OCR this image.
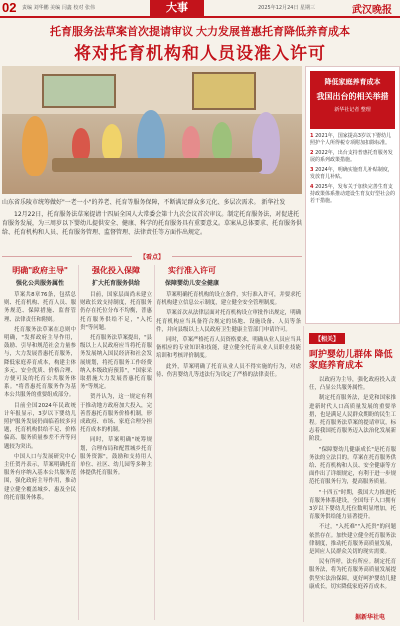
02 责编 刘华鹏 美编 闫鑫 校对 张伟	大事	2025年12月24日 星期三	武汉晚报
托育服务法草案首次提请审议 大力发展普惠托育降低养育成本
将对托育机构和人员设准入许可
山东省乐陵市统筹做好"一老一小"的养老、托育等服务保障，不断满足群众多元化、多层次需求。 新华社发
降低家庭养育成本
我国出台的相关举措
新华社记者 整理
1 2021年，国家提高3岁以下婴幼儿照护个人所得税专项附加扣除标准。
2 2022年，出台支持普惠托育服务发展的系列政策措施。
3 2024年，明确实施育儿补贴制度，发放育儿补贴。
4 2025年，发布关于加快完善生育支持政策体系推动建设生育友好型社会的若干措施。
12月22日，托育服务法草案提请十四届全国人大常委会第十九次会议首次审议。制定托育服务法，对促进托育服务发展，为三周岁以下婴幼儿提供安全、健康、科学的托育服务具有重要意义。草案从总体要求、托育服务供给、托育机构和人员、托育服务管理、监督管理、法律责任等方面作出规定。
【看点】
明确"政府主导"
强化公共服务属性
强化投入保障
扩大托育服务供给
实行准入许可
保障婴幼儿安全健康

草案共8章76条，包括总则、托育机构、托育人员、服务规范、保障措施、监督管理、法律责任和附则。

托育服务法草案在总则中明确，"发挥政府主导作用，鼓励、引导和规范社会力量参与，大力发展普惠托育服务，降低家庭养育成本，构建主体多元、安全优质、价格合理、方便可及的托育公共服务体系。"将普惠托育服务作为基本公共服务的重要组成部分。

目前全国2024年民政统计年报显示，3岁以下婴幼儿照护服务发展仍面临着较多问题，托育机构供给不足、价格偏高、服务质量参差不齐等问题较为突出。

中国人口与发展研究中心主任贺丹表示，草案明确托育服务有序纳入基本公共服务范围，强化政府主导作用，推动建立健全覆盖城乡、惠及全民的托育服务体系。

目前，国家层面尚未建立财政长效支持制度，托育服务仍存在托位分布不均衡，普惠托育服务供给不足，"入托贵"等问题。

托育服务法草案提出，"县级以上人民政府应当将托育服务发展纳入国民经济和社会发展规划，将托育服务工作经费纳入本级政府预算"，"国家采取措施大力发展普惠托育服务"等规定。

贺丹认为，这一规定有利于推动地方政府加大投入，完善普惠托育服务价格机制，形成政府、市场、家庭合理分担托育成本的机制。

同时，草案明确"统筹规划，合理布局和配置城乡托育服务资源"，鼓励和支持用人单位、社区、幼儿园等多种主体提供托育服务。

草案明确托育机构的设立条件，实行准入许可，并要求托育机构建立信息公示制度，建立健全安全管理制度。

草案首次从法律层面对托育机构设立审批作出规定，明确托育机构应当具备符合规定的场地、设施设备、人员等条件，并向县级以上人民政府卫生健康主管部门申请许可。

同时，草案严格托育人员资格要求，明确从业人员应当具备相应的专业知识和技能，建立健全托育从业人员职业技能培训和考核评价制度。

此外，草案明确了托育从业人员不得实施的行为，对虐待、伤害婴幼儿等违法行为设定了严格的法律责任。

【相关】
呵护婴幼儿群体 降低家庭养育成本

以政府为主导，强化政府投入责任，凸显公共服务属性。

制定托育服务法，是党和国家推进新时代人口高质量发展的重要举措，也是满足人民群众期盼的民生工程。托育服务法草案的提请审议，标志着我国托育服务迈入法治化发展新阶段。

"保障婴幼儿健康成长"是托育服务法的立法目的。草案在托育服务供给、托育机构和人员、安全健康等方面作出了详细规定，有利于进一步规范托育服务行为，提高服务质量。

"十四五"时期，我国大力推进托育服务体系建设，全国每千人口拥有3岁以下婴幼儿托位数明显增加，托育服务供给能力显著提升。

不过，"入托难""入托贵"的问题依然存在。加快建立健全托育服务法律制度，推动托育服务高质量发展，是回应人民群众关切的现实需要。

民有所呼，法有所应。制定托育服务法，将为托育服务高质量发展提供坚实法治保障，更好呵护婴幼儿健康成长，切实降低家庭养育成本。

据新华社电
